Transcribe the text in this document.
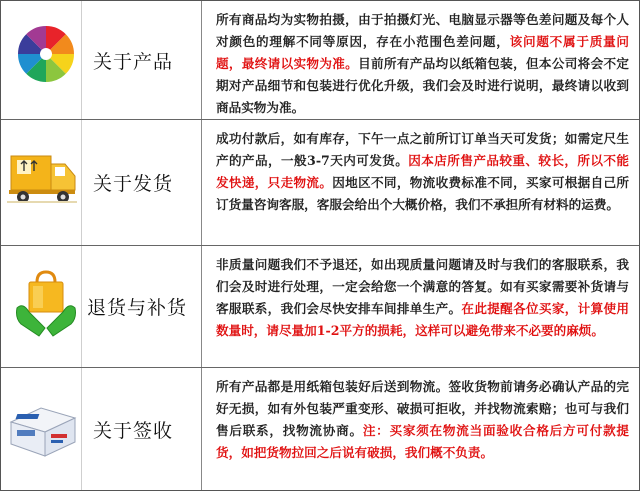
关于产品
所有商品均为实物拍摄，由于拍摄灯光、电脑显示器等色差问题及每个人对颜色的理解不同等原因，存在小范围色差问题，该问题不属于质量问题，最终请以实物为准。目前所有产品均以纸箱包装，但本公司将会不定期对产品细节和包装进行优化升级，我们会及时进行说明，最终请以收到商品实物为准。
关于发货
成功付款后，如有库存，下午一点之前所订订单当天可发货；如需定尺生产的产品，一般3-7天内可发货。因本店所售产品较重、较长，所以不能发快递，只走物流。因地区不同，物流收费标准不同，买家可根据自己所订货量咨询客服，客服会给出个大概价格，我们不承担所有材料的运费。
退货与补货
非质量问题我们不予退还，如出现质量问题请及时与我们的客服联系，我们会及时进行处理，一定会给您一个满意的答复。如有买家需要补货请与客服联系，我们会尽快安排车间排单生产。在此提醒各位买家，计算使用数量时，请尽量加1-2平方的损耗，这样可以避免带来不必要的麻烦。
关于签收
所有产品都是用纸箱包装好后送到物流。签收货物前请务必确认产品的完好无损，如有外包装严重变形、破损可拒收，并找物流索赔；也可与我们售后联系，找物流协商。注：买家须在物流当面验收合格后方可付款提货，如把货物拉回之后说有破损，我们概不负责。
